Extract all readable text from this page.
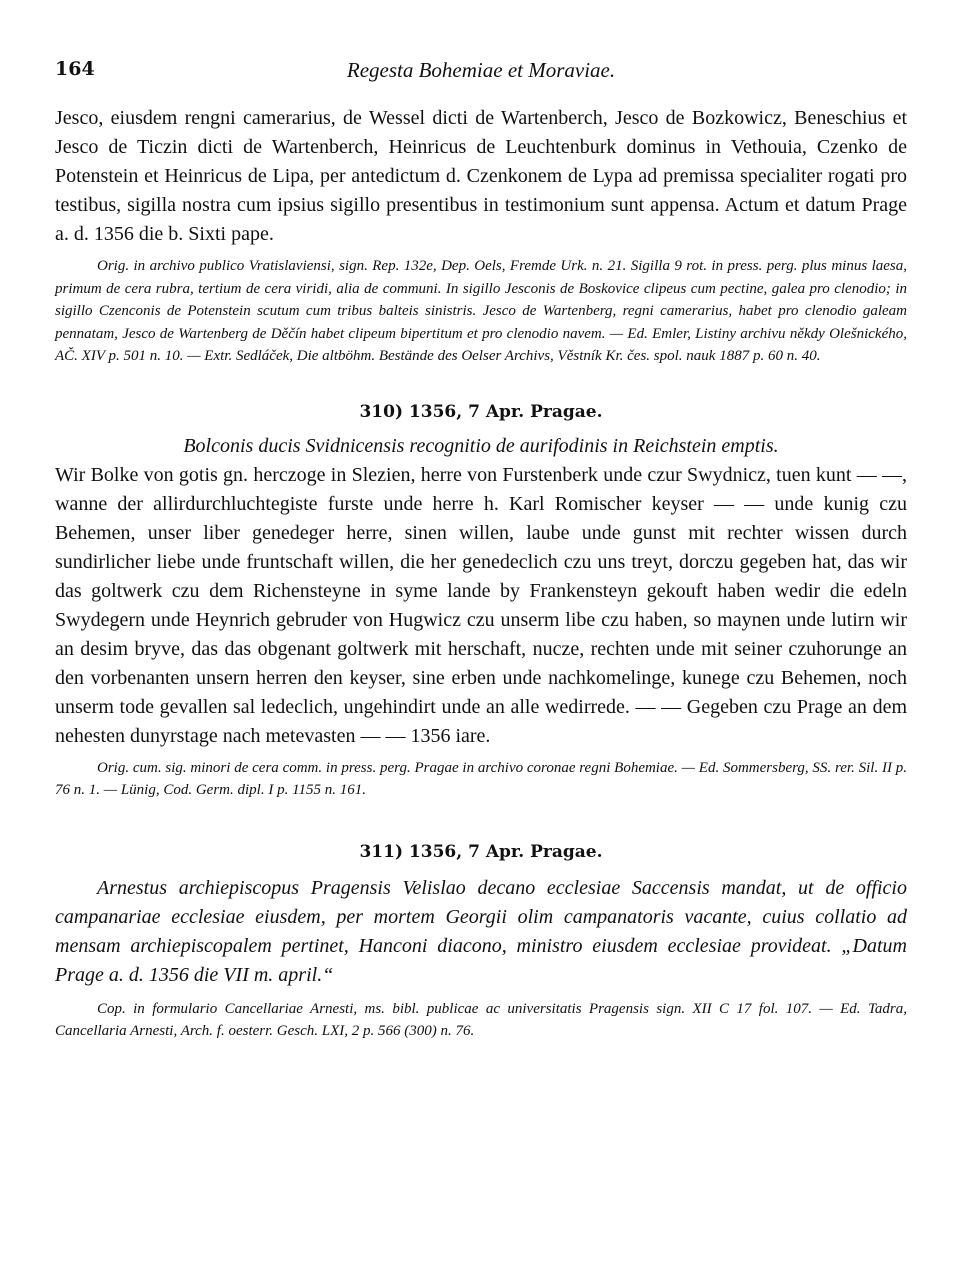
164	Regesta Bohemiae et Moraviae.

Jesco, eiusdem rengni camerarius, de Wessel dicti de Wartenberch, Jesco de Bozkowicz, Beneschius et Jesco de Ticzin dicti de Wartenberch, Heinricus de Leuchtenburk dominus in Vethouia, Czenko de Potenstein et Heinricus de Lipa, per antedictum d. Czenkonem de Lypa ad premissa specialiter rogati pro testibus, sigilla nostra cum ipsius sigillo presentibus in testimonium sunt appensa. Actum et datum Prage a. d. 1356 die b. Sixti pape.

Orig. in archivo publico Vratislaviensi, sign. Rep. 132e, Dep. Oels, Fremde Urk. n. 21. Sigilla 9 rot. in press. perg. plus minus laesa, primum de cera rubra, tertium de cera viridi, alia de communi. In sigillo Jesconis de Boskovice clipeus cum pectine, galea pro clenodio; in sigillo Czenconis de Potenstein scutum cum tribus balteis sinistris. Jesco de Wartenberg, regni camerarius, habet pro clenodio galeam pennatam, Jesco de Wartenberg de Děčín habet clipeum bipertitum et pro clenodio navem. — Ed. Emler, Listiny archivu někdy Olešnického, AČ. XIV p. 501 n. 10. — Extr. Sedláček, Die altböhm. Bestände des Oelser Archivs, Věstník Kr. čes. spol. nauk 1887 p. 60 n. 40.

310) 1356, 7 Apr. Pragae.

Bolconis ducis Svidnicensis recognitio de aurifodinis in Reichstein emptis.

Wir Bolke von gotis gn. herczoge in Slezien, herre von Furstenberk unde czur Swydnicz, tuen kunt — —, wanne der allirdurchluchtegiste furste unde herre h. Karl Romischer keyser — — unde kunig czu Behemen, unser liber genedeger herre, sinen willen, laube unde gunst mit rechter wissen durch sundirlicher liebe unde fruntschaft willen, die her genedeclich czu uns treyt, dorczu gegeben hat, das wir das goltwerk czu dem Richensteyne in syme lande by Frankensteyn gekouft haben wedir die edeln Swydegern unde Heynrich gebruder von Hugwicz czu unserm libe czu haben, so maynen unde lutirn wir an desim bryve, das das obgenant goltwerk mit herschaft, nucze, rechten unde mit seiner czuhorunge an den vorbenanten unsern herren den keyser, sine erben unde nachkomelinge, kunege czu Behemen, noch unserm tode gevallen sal ledeclich, ungehindirt unde an alle wedirrede. — — Gegeben czu Prage an dem nehesten dunyrstage nach metevasten — — 1356 iare.

Orig. cum. sig. minori de cera comm. in press. perg. Pragae in archivo coronae regni Bohemiae. — Ed. Sommersberg, SS. rer. Sil. II p. 76 n. 1. — Lünig, Cod. Germ. dipl. I p. 1155 n. 161.

311) 1356, 7 Apr. Pragae.

Arnestus archiepiscopus Pragensis Velislao decano ecclesiae Saccensis mandat, ut de officio campanariae ecclesiae eiusdem, per mortem Georgii olim campanatoris vacante, cuius collatio ad mensam archiepiscopalem pertinet, Hanconi diacono, ministro eiusdem ecclesiae provideat. „Datum Prage a. d. 1356 die VII m. april.“

Cop. in formulario Cancellariae Arnesti, ms. bibl. publicae ac universitatis Pragensis sign. XII C 17 fol. 107. — Ed. Tadra, Cancellaria Arnesti, Arch. f. oesterr. Gesch. LXI, 2 p. 566 (300) n. 76.
